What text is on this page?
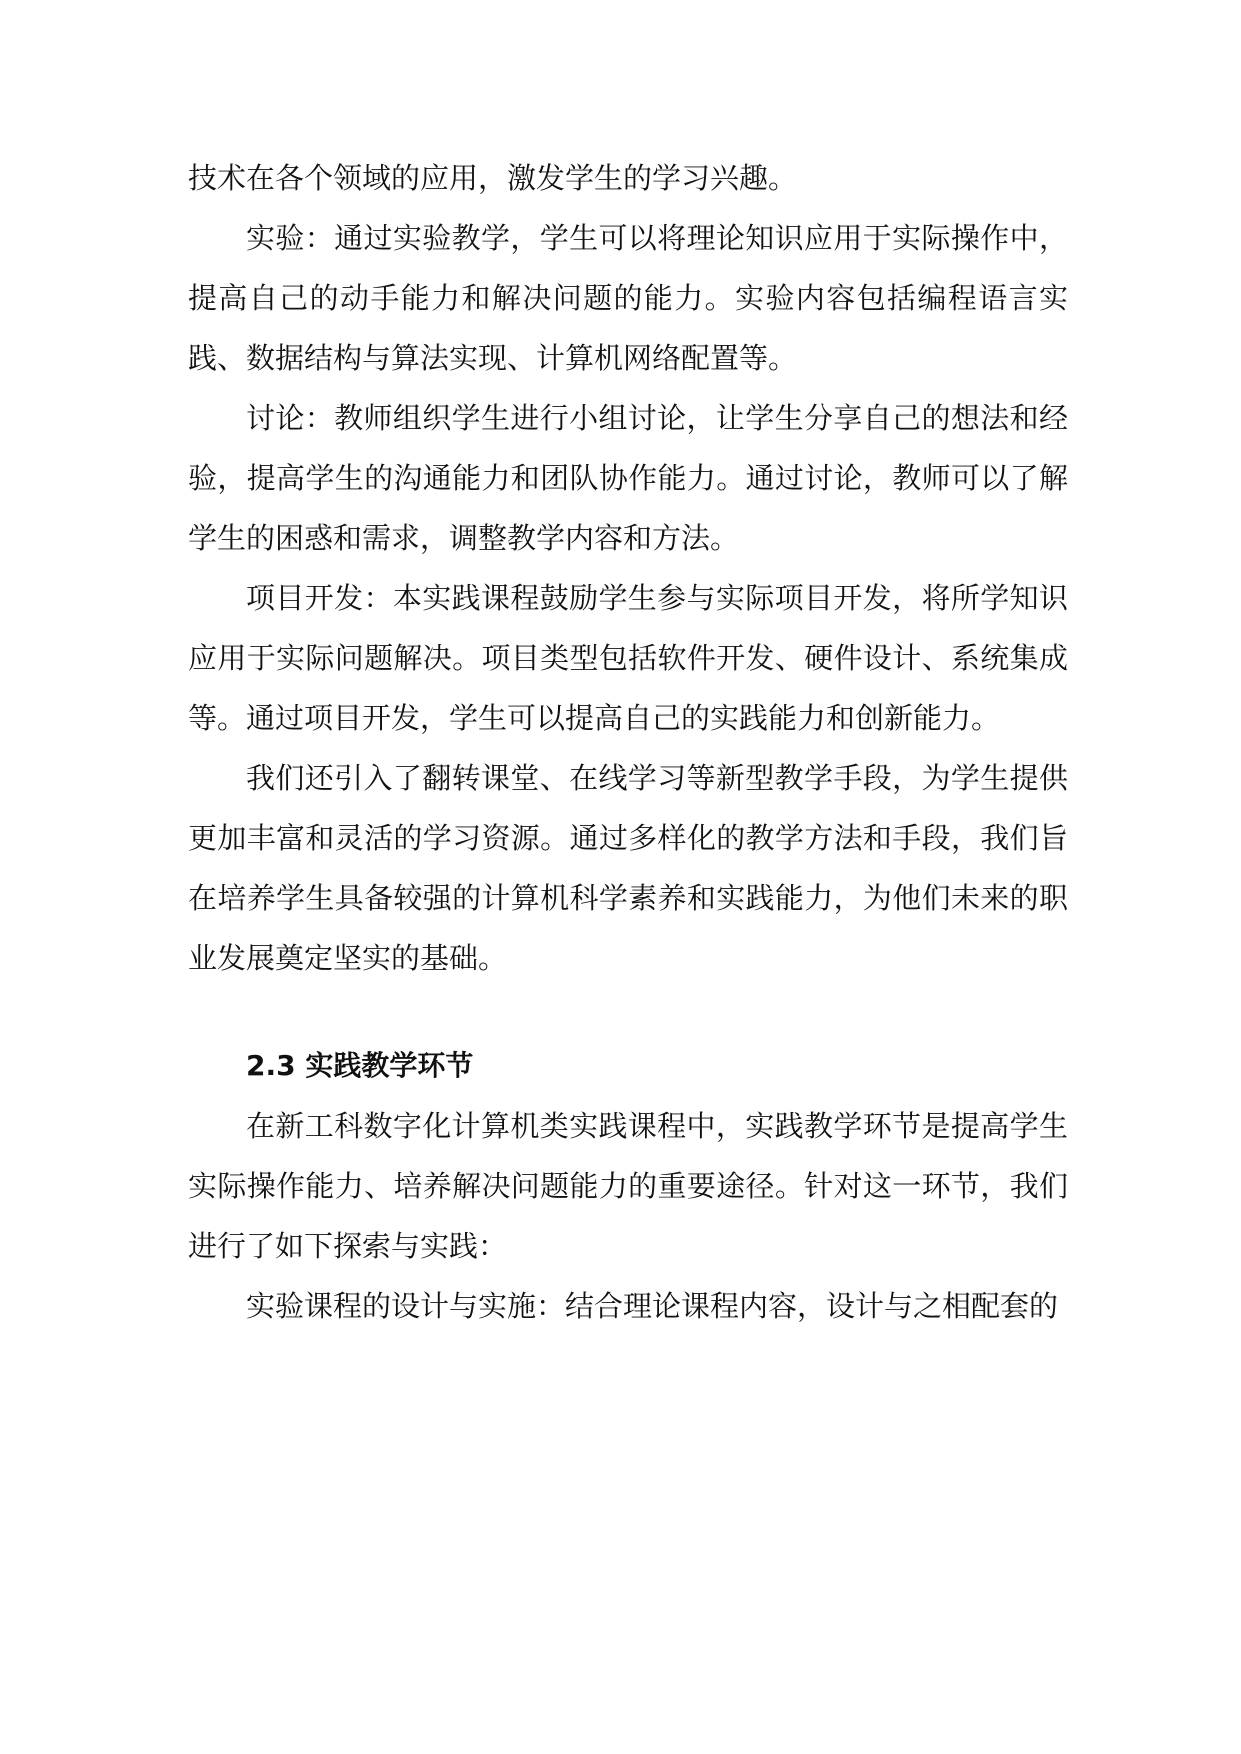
技术在各个领域的应用，激发学生的学习兴趣。

实验：通过实验教学，学生可以将理论知识应用于实际操作中，提高自己的动手能力和解决问题的能力。实验内容包括编程语言实践、数据结构与算法实现、计算机网络配置等。

讨论：教师组织学生进行小组讨论，让学生分享自己的想法和经验，提高学生的沟通能力和团队协作能力。通过讨论，教师可以了解学生的困惑和需求，调整教学内容和方法。

项目开发：本实践课程鼓励学生参与实际项目开发，将所学知识应用于实际问题解决。项目类型包括软件开发、硬件设计、系统集成等。通过项目开发，学生可以提高自己的实践能力和创新能力。

我们还引入了翻转课堂、在线学习等新型教学手段，为学生提供更加丰富和灵活的学习资源。通过多样化的教学方法和手段，我们旨在培养学生具备较强的计算机科学素养和实践能力，为他们未来的职业发展奠定坚实的基础。

2.3 实践教学环节

在新工科数字化计算机类实践课程中，实践教学环节是提高学生实际操作能力、培养解决问题能力的重要途径。针对这一环节，我们进行了如下探索与实践：

实验课程的设计与实施：结合理论课程内容，设计与之相配套的
